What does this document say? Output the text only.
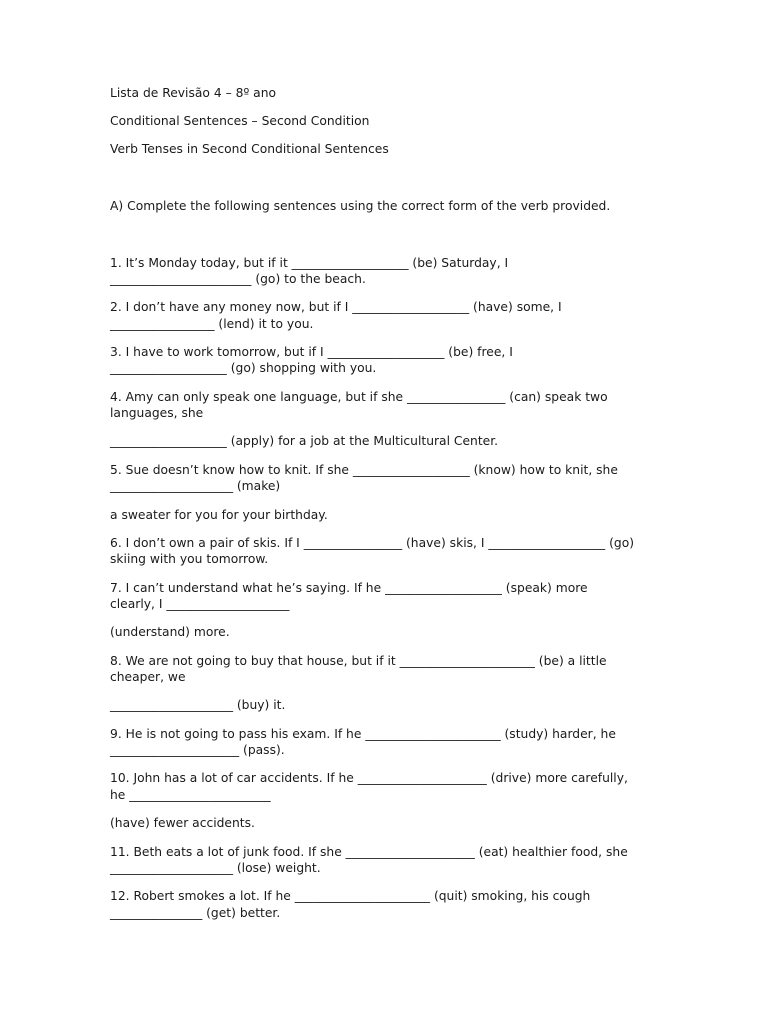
Lista de Revisão 4 – 8º ano

Conditional Sentences – Second Condition

Verb Tenses in Second Conditional Sentences

A) Complete the following sentences using the correct form of the verb provided.

1. It’s Monday today, but if it ___________________ (be) Saturday, I

_______________________ (go) to the beach.

2. I don’t have any money now, but if I ___________________ (have) some, I

_________________ (lend) it to you.

3. I have to work tomorrow, but if I ___________________ (be) free, I

___________________ (go) shopping with you.

4. Amy can only speak one language, but if she ________________ (can) speak two

languages, she

___________________ (apply) for a job at the Multicultural Center.

5. Sue doesn’t know how to knit. If she ___________________ (know) how to knit, she

____________________ (make)

a sweater for you for your birthday.

6. I don’t own a pair of skis. If I ________________ (have) skis, I ___________________ (go)

skiing with you tomorrow.

7. I can’t understand what he’s saying. If he ___________________ (speak) more

clearly, I ____________________

(understand) more.

8. We are not going to buy that house, but if it ______________________ (be) a little

cheaper, we

____________________ (buy) it.

9. He is not going to pass his exam. If he ______________________ (study) harder, he

_____________________ (pass).

10. John has a lot of car accidents. If he _____________________ (drive) more carefully,

he _______________________

(have) fewer accidents.

11. Beth eats a lot of junk food. If she _____________________ (eat) healthier food, she

____________________ (lose) weight.

12. Robert smokes a lot. If he ______________________ (quit) smoking, his cough

_______________ (get) better.
